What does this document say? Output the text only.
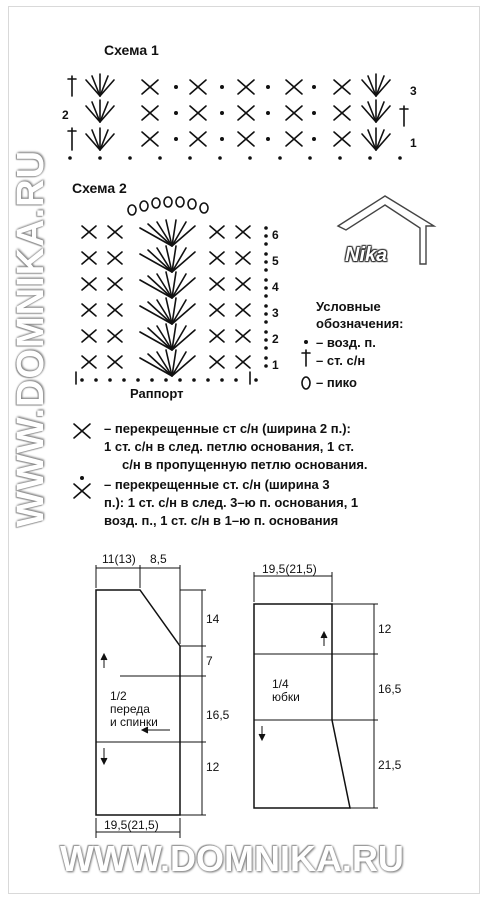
WWW.DOMNIKA.RU
Схема 1
2
3
1
Nika
Схема 2
6
5
4
3
2
1
Раппорт
Условные
обозначения:
– возд. п.
– ст. с/н
– пико
– перекрещенные ст с/н (ширина 2 п.):
1 ст. с/н в след. петлю основания, 1 ст.
с/н в пропущенную петлю основания.
– перекрещенные ст. с/н (ширина 3
п.): 1 ст. с/н в след. 3–ю п. основания, 1
возд. п., 1 ст. с/н в 1–ю п. основания
11(13) 8,5
14
7
16,5
12
19,5(21,5)
1/2
переда
и спинки
19,5(21,5)
12
16,5
21,5
1/4
юбки
WWW.DOMNIKA.RU
